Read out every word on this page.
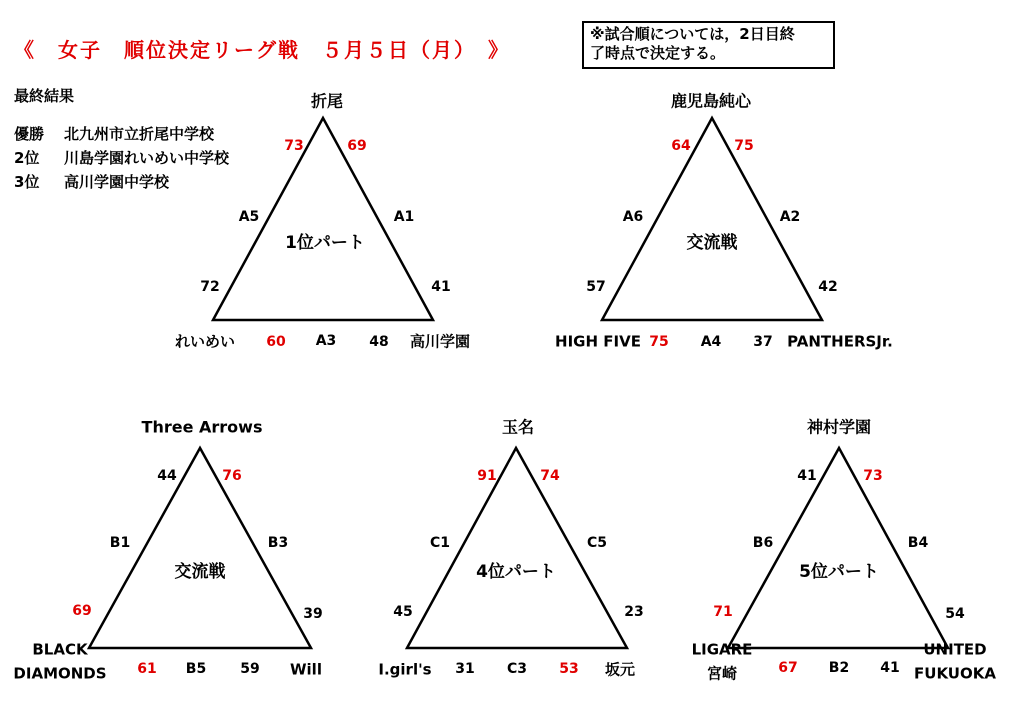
《　女子　順位決定リーグ戦　５月５日（月）　》
※試合順については，2日目終
了時点で決定する。
最終結果
優勝 北九州市立折尾中学校
2位 川島学園れいめい中学校
3位 高川学園中学校
1位パート
折尾
れいめい	高川学園
73
A5
72
69
A1
41
60 A3 48
交流戦
鹿児島純心
HIGH FIVE	PANTHERSJr.
64
A6
57
75
A2
42
75 A4 37
交流戦
Three Arrows
BLACK
DIAMONDS	Will
44
B1
69
76
B3
39
61 B5 59
4位パート
玉名
I.girl's	坂元
91
C1
45
74
C5
23
31 C3 53
5位パート
神村学園
LIGARE
宮崎
UNITED
FUKUOKA
41
B6
71
73
B4
54
67 B2 41
